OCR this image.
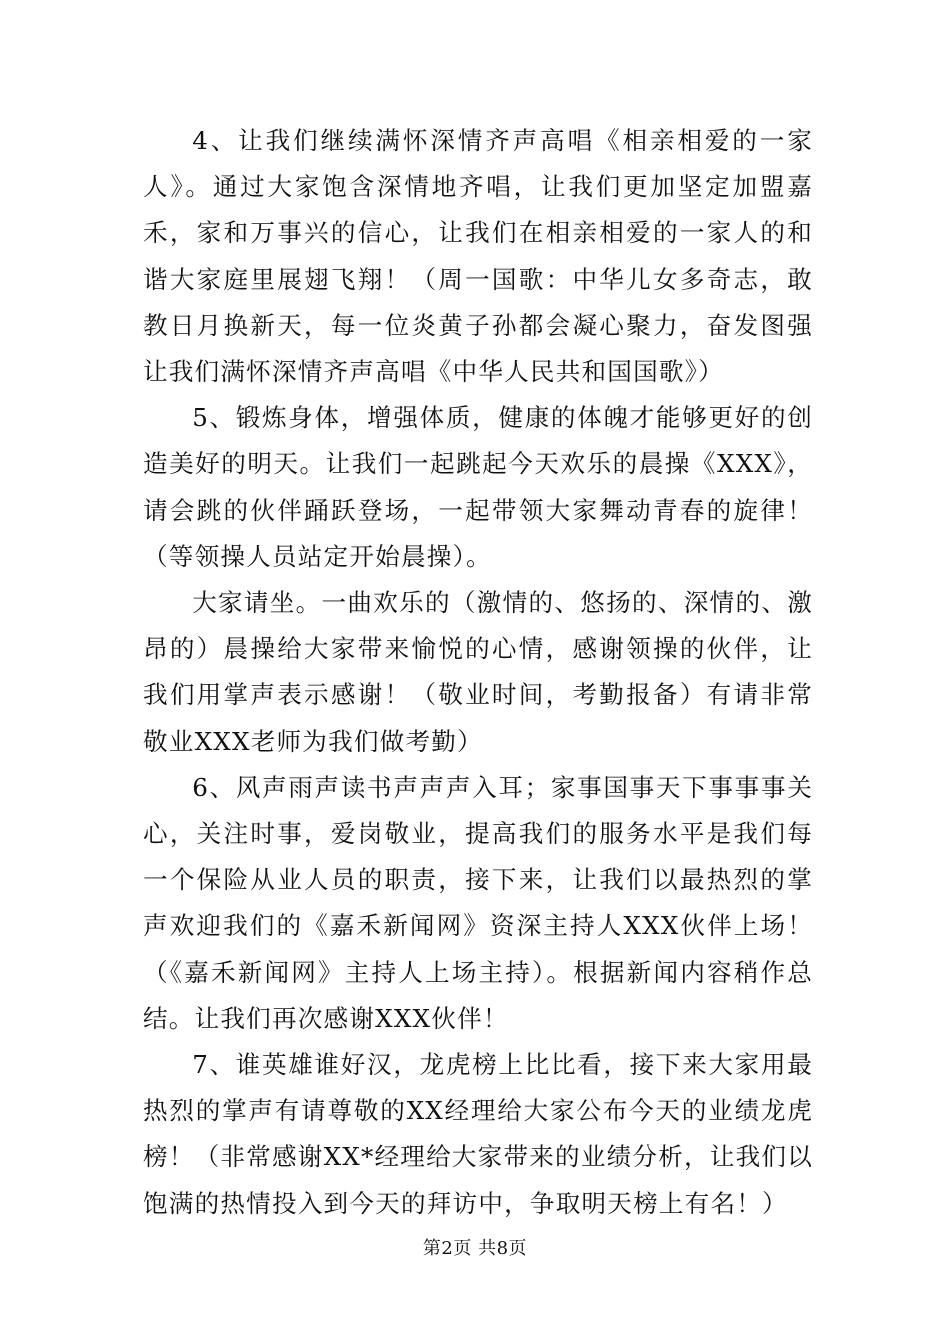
4、让我们继续满怀深情齐声高唱《相亲相爱的一家人》。通过大家饱含深情地齐唱，让我们更加坚定加盟嘉禾，家和万事兴的信心，让我们在相亲相爱的一家人的和谐大家庭里展翅飞翔！（周一国歌：中华儿女多奇志，敢教日月换新天，每一位炎黄子孙都会凝心聚力，奋发图强让我们满怀深情齐声高唱《中华人民共和国国歌》）

5、锻炼身体，增强体质，健康的体魄才能够更好的创造美好的明天。让我们一起跳起今天欢乐的晨操《XXX》，请会跳的伙伴踊跃登场，一起带领大家舞动青春的旋律！（等领操人员站定开始晨操）。

大家请坐。一曲欢乐的（激情的、悠扬的、深情的、激昂的）晨操给大家带来愉悦的心情，感谢领操的伙伴，让我们用掌声表示感谢！（敬业时间，考勤报备）有请非常敬业XXX老师为我们做考勤）

6、风声雨声读书声声声入耳；家事国事天下事事事关心，关注时事，爱岗敬业，提高我们的服务水平是我们每一个保险从业人员的职责，接下来，让我们以最热烈的掌声欢迎我们的《嘉禾新闻网》资深主持人XXX伙伴上场！（《嘉禾新闻网》主持人上场主持）。根据新闻内容稍作总结。让我们再次感谢XXX伙伴！

7、谁英雄谁好汉，龙虎榜上比比看，接下来大家用最热烈的掌声有请尊敬的XX经理给大家公布今天的业绩龙虎榜！（非常感谢XX*经理给大家带来的业绩分析，让我们以饱满的热情投入到今天的拜访中，争取明天榜上有名！）

第2页 共8页
